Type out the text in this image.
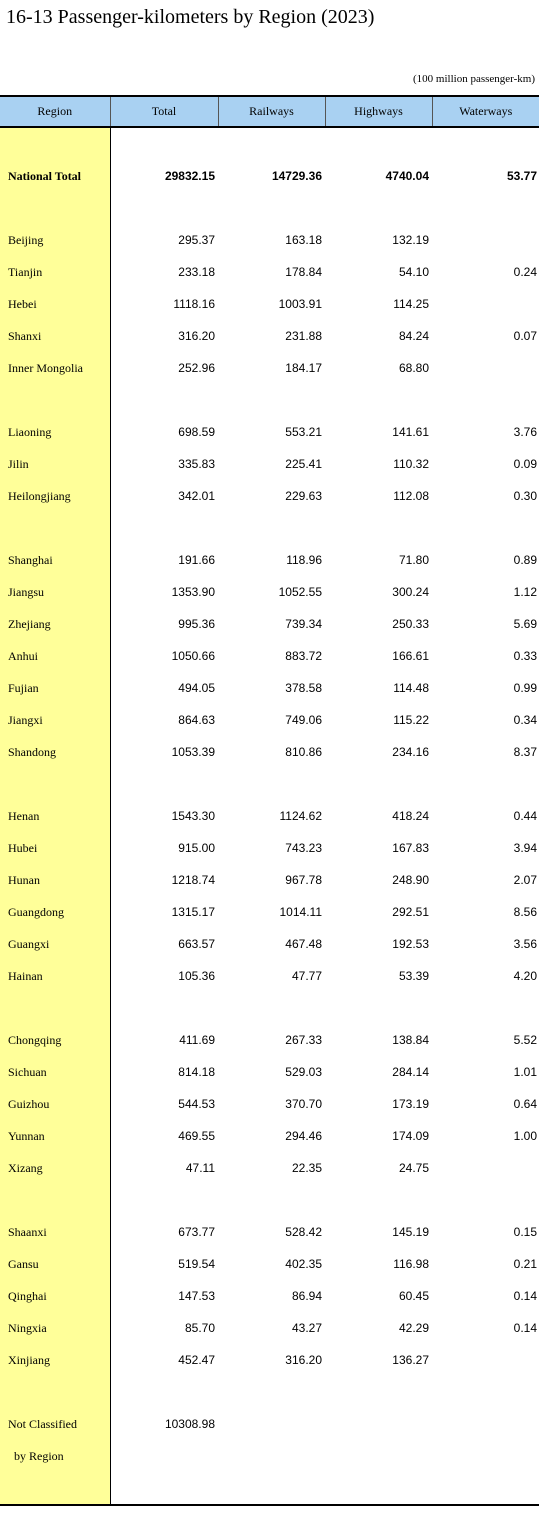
16-13 Passenger-kilometers by Region (2023)
(100 million passenger-km)
Region	Total	Railways	Highways	Waterways

National Total	29832.15	14729.36	4740.04	53.77

Beijing	295.37	163.18	132.19	
Tianjin	233.18	178.84	54.10	0.24
Hebei	1118.16	1003.91	114.25	
Shanxi	316.20	231.88	84.24	0.07
Inner Mongolia	252.96	184.17	68.80	

Liaoning	698.59	553.21	141.61	3.76
Jilin	335.83	225.41	110.32	0.09
Heilongjiang	342.01	229.63	112.08	0.30

Shanghai	191.66	118.96	71.80	0.89
Jiangsu	1353.90	1052.55	300.24	1.12
Zhejiang	995.36	739.34	250.33	5.69
Anhui	1050.66	883.72	166.61	0.33
Fujian	494.05	378.58	114.48	0.99
Jiangxi	864.63	749.06	115.22	0.34
Shandong	1053.39	810.86	234.16	8.37

Henan	1543.30	1124.62	418.24	0.44
Hubei	915.00	743.23	167.83	3.94
Hunan	1218.74	967.78	248.90	2.07
Guangdong	1315.17	1014.11	292.51	8.56
Guangxi	663.57	467.48	192.53	3.56
Hainan	105.36	47.77	53.39	4.20

Chongqing	411.69	267.33	138.84	5.52
Sichuan	814.18	529.03	284.14	1.01
Guizhou	544.53	370.70	173.19	0.64
Yunnan	469.55	294.46	174.09	1.00
Xizang	47.11	22.35	24.75	

Shaanxi	673.77	528.42	145.19	0.15
Gansu	519.54	402.35	116.98	0.21
Qinghai	147.53	86.94	60.45	0.14
Ningxia	85.70	43.27	42.29	0.14
Xinjiang	452.47	316.20	136.27	

Not Classified	10308.98			
by Region				
